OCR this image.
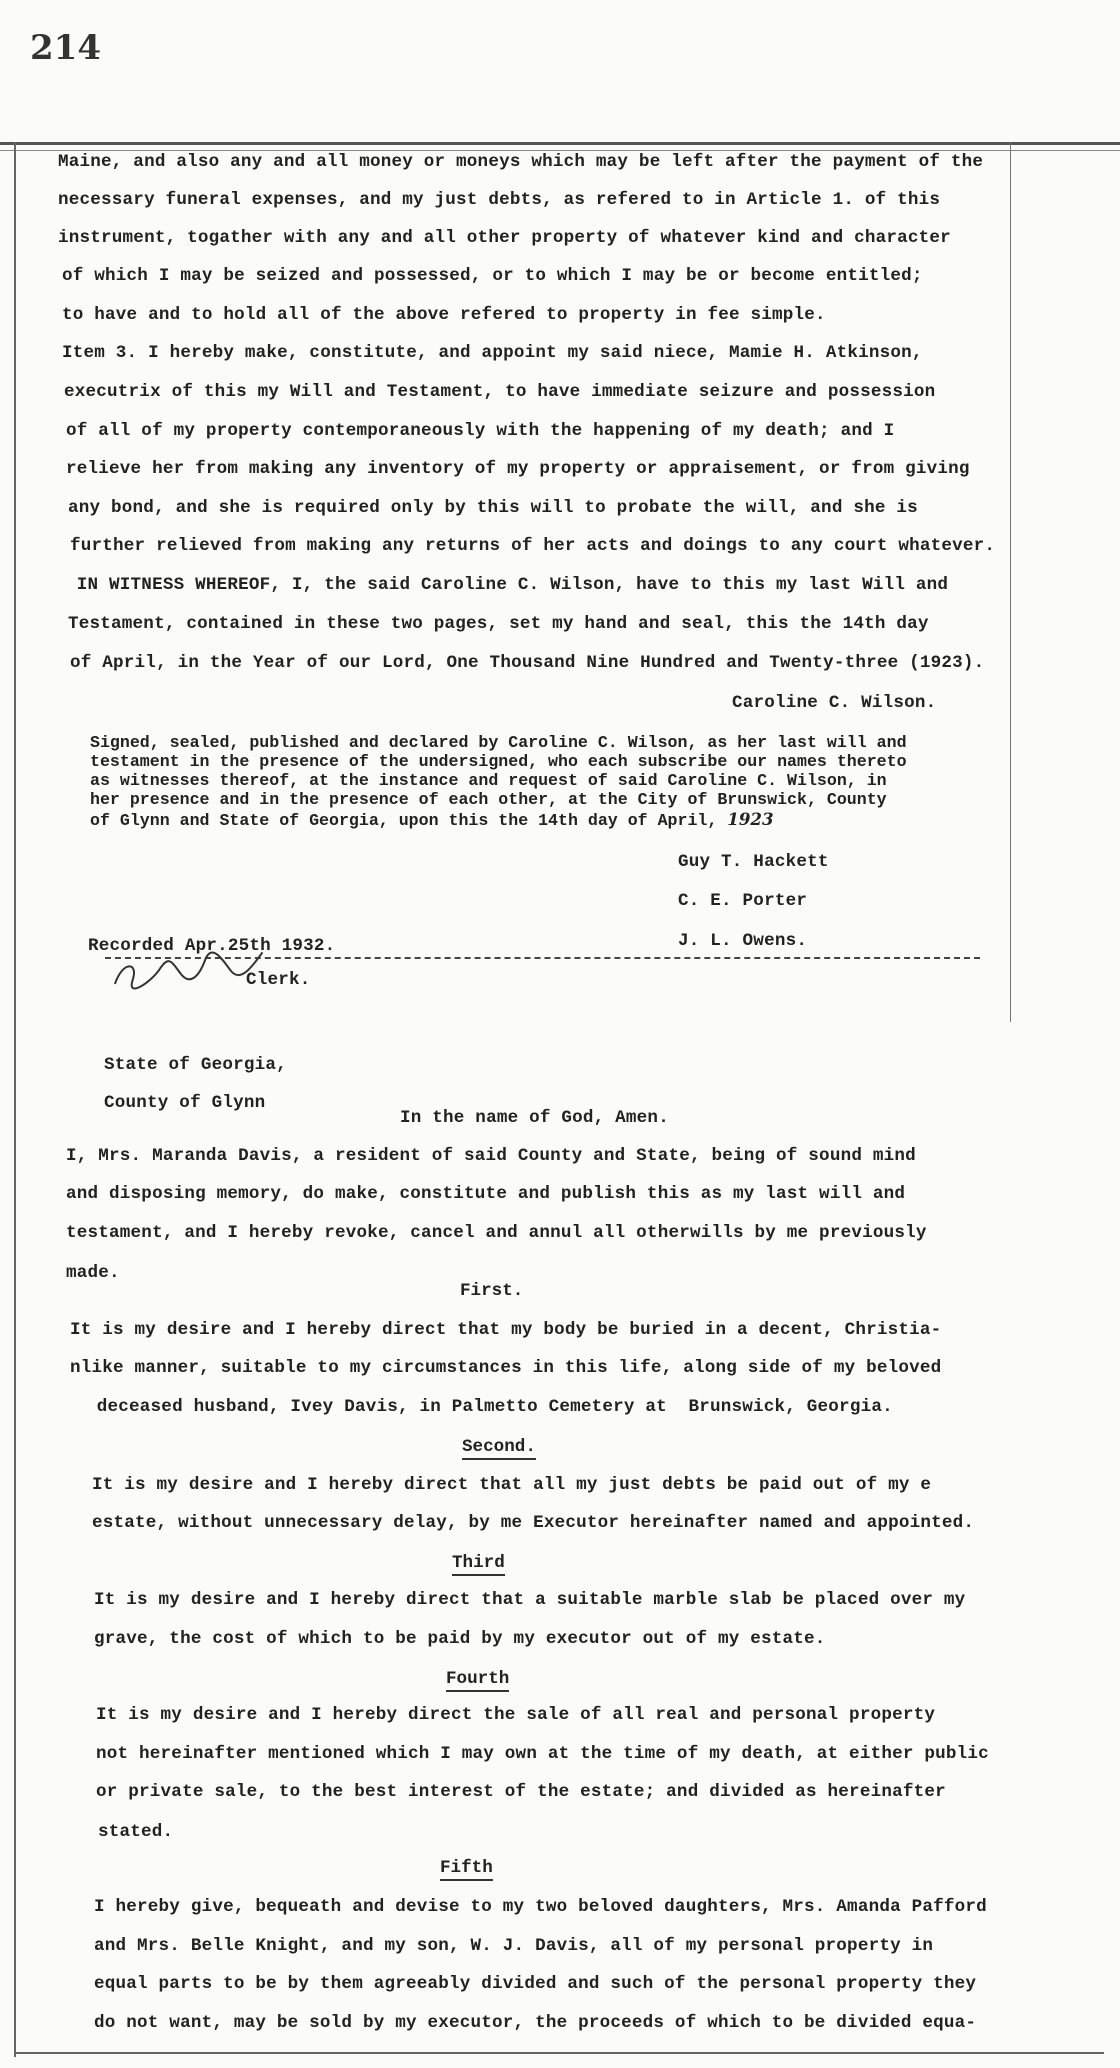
214
Maine, and also any and all money or moneys which may be left after the payment of the
necessary funeral expenses, and my just debts, as refered to in Article 1. of this
instrument, togather with any and all other property of whatever kind and character
of which I may be seized and possessed, or to which I may be or become entitled;
to have and to hold all of the above refered to property in fee simple.
Item 3. I hereby make, constitute, and appoint my said niece, Mamie H. Atkinson,
executrix of this my Will and Testament, to have immediate seizure and possession
of all of my property contemporaneously with the happening of my death; and I
relieve her from making any inventory of my property or appraisement, or from giving
any bond, and she is required only by this will to probate the will, and she is
further relieved from making any returns of her acts and doings to any court whatever.
IN WITNESS WHEREOF, I, the said Caroline C. Wilson, have to this my last Will and
Testament, contained in these two pages, set my hand and seal, this the 14th day
of April, in the Year of our Lord, One Thousand Nine Hundred and Twenty-three (1923).
Caroline C. Wilson.
Signed, sealed, published and declared by Caroline C. Wilson, as her last will and
testament in the presence of the undersigned, who each subscribe our names thereto
as witnesses thereof, at the instance and request of said Caroline C. Wilson, in
her presence and in the presence of each other, at the City of Brunswick, County
of Glynn and State of Georgia, upon this the 14th day of April, 1923
Guy T. Hackett
C. E. Porter
J. L. Owens.
Recorded Apr.25th 1932.
Clerk.
State of Georgia,
County of Glynn
In the name of God, Amen.
I, Mrs. Maranda Davis, a resident of said County and State, being of sound mind
and disposing memory, do make, constitute and publish this as my last will and
testament, and I hereby revoke, cancel and annul all otherwills by me previously
made.
First.
It is my desire and I hereby direct that my body be buried in a decent, Christia-
nlike manner, suitable to my circumstances in this life, along side of my beloved
deceased husband, Ivey Davis, in Palmetto Cemetery at  Brunswick, Georgia.
Second.
It is my desire and I hereby direct that all my just debts be paid out of my e
estate, without unnecessary delay, by me Executor hereinafter named and appointed.
Third
It is my desire and I hereby direct that a suitable marble slab be placed over my
grave, the cost of which to be paid by my executor out of my estate.
Fourth
It is my desire and I hereby direct the sale of all real and personal property
not hereinafter mentioned which I may own at the time of my death, at either public
or private sale, to the best interest of the estate; and divided as hereinafter
stated.
Fifth
I hereby give, bequeath and devise to my two beloved daughters, Mrs. Amanda Pafford
and Mrs. Belle Knight, and my son, W. J. Davis, all of my personal property in
equal parts to be by them agreeably divided and such of the personal property they
do not want, may be sold by my executor, the proceeds of which to be divided equa-
